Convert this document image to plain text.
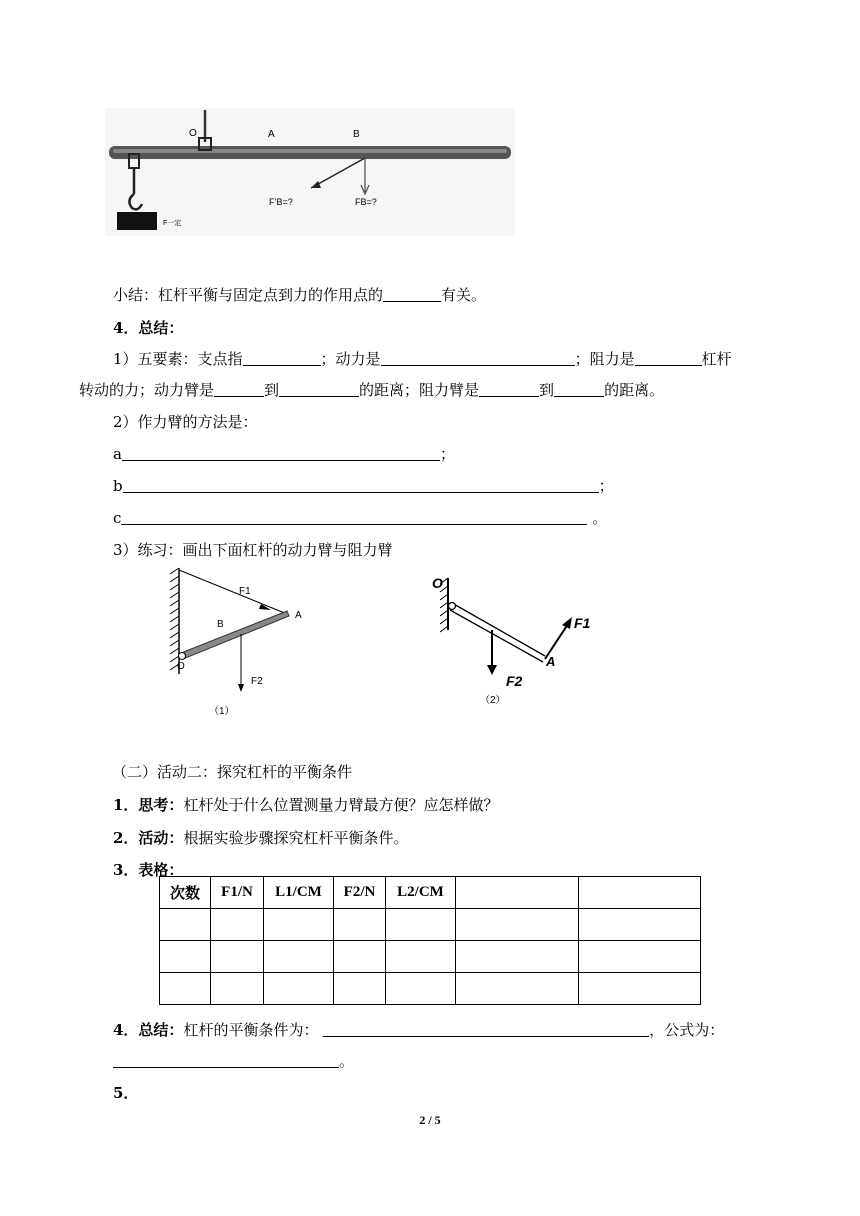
O	A	B
F’B=?	FB=?
F一定
小结：杠杆平衡与固定点到力的作用点的	有关。
4．总结：
1）五要素：支点指	；动力是	；阻力是	杠杆
转动的力；动力臂是	到	的距离；阻力臂是	到	的距离。
2）作力臂的方法是：
a	；
b	；
c	。
3）练习：画出下面杠杆的动力臂与阻力臂
F1
A
B
O
F2
（1）
O
F1
A
F2
（2）
（二）活动二：探究杠杆的平衡条件
1．思考：杠杆处于什么位置测量力臂最方便？应怎样做？
2．活动：根据实验步骤探究杠杆平衡条件。
3．表格：
次数	F1/N	L1/CM	F2/N	L2/CM		

4．总结：杠杆的平衡条件为：	，公式为：
。
5．
2 / 5
